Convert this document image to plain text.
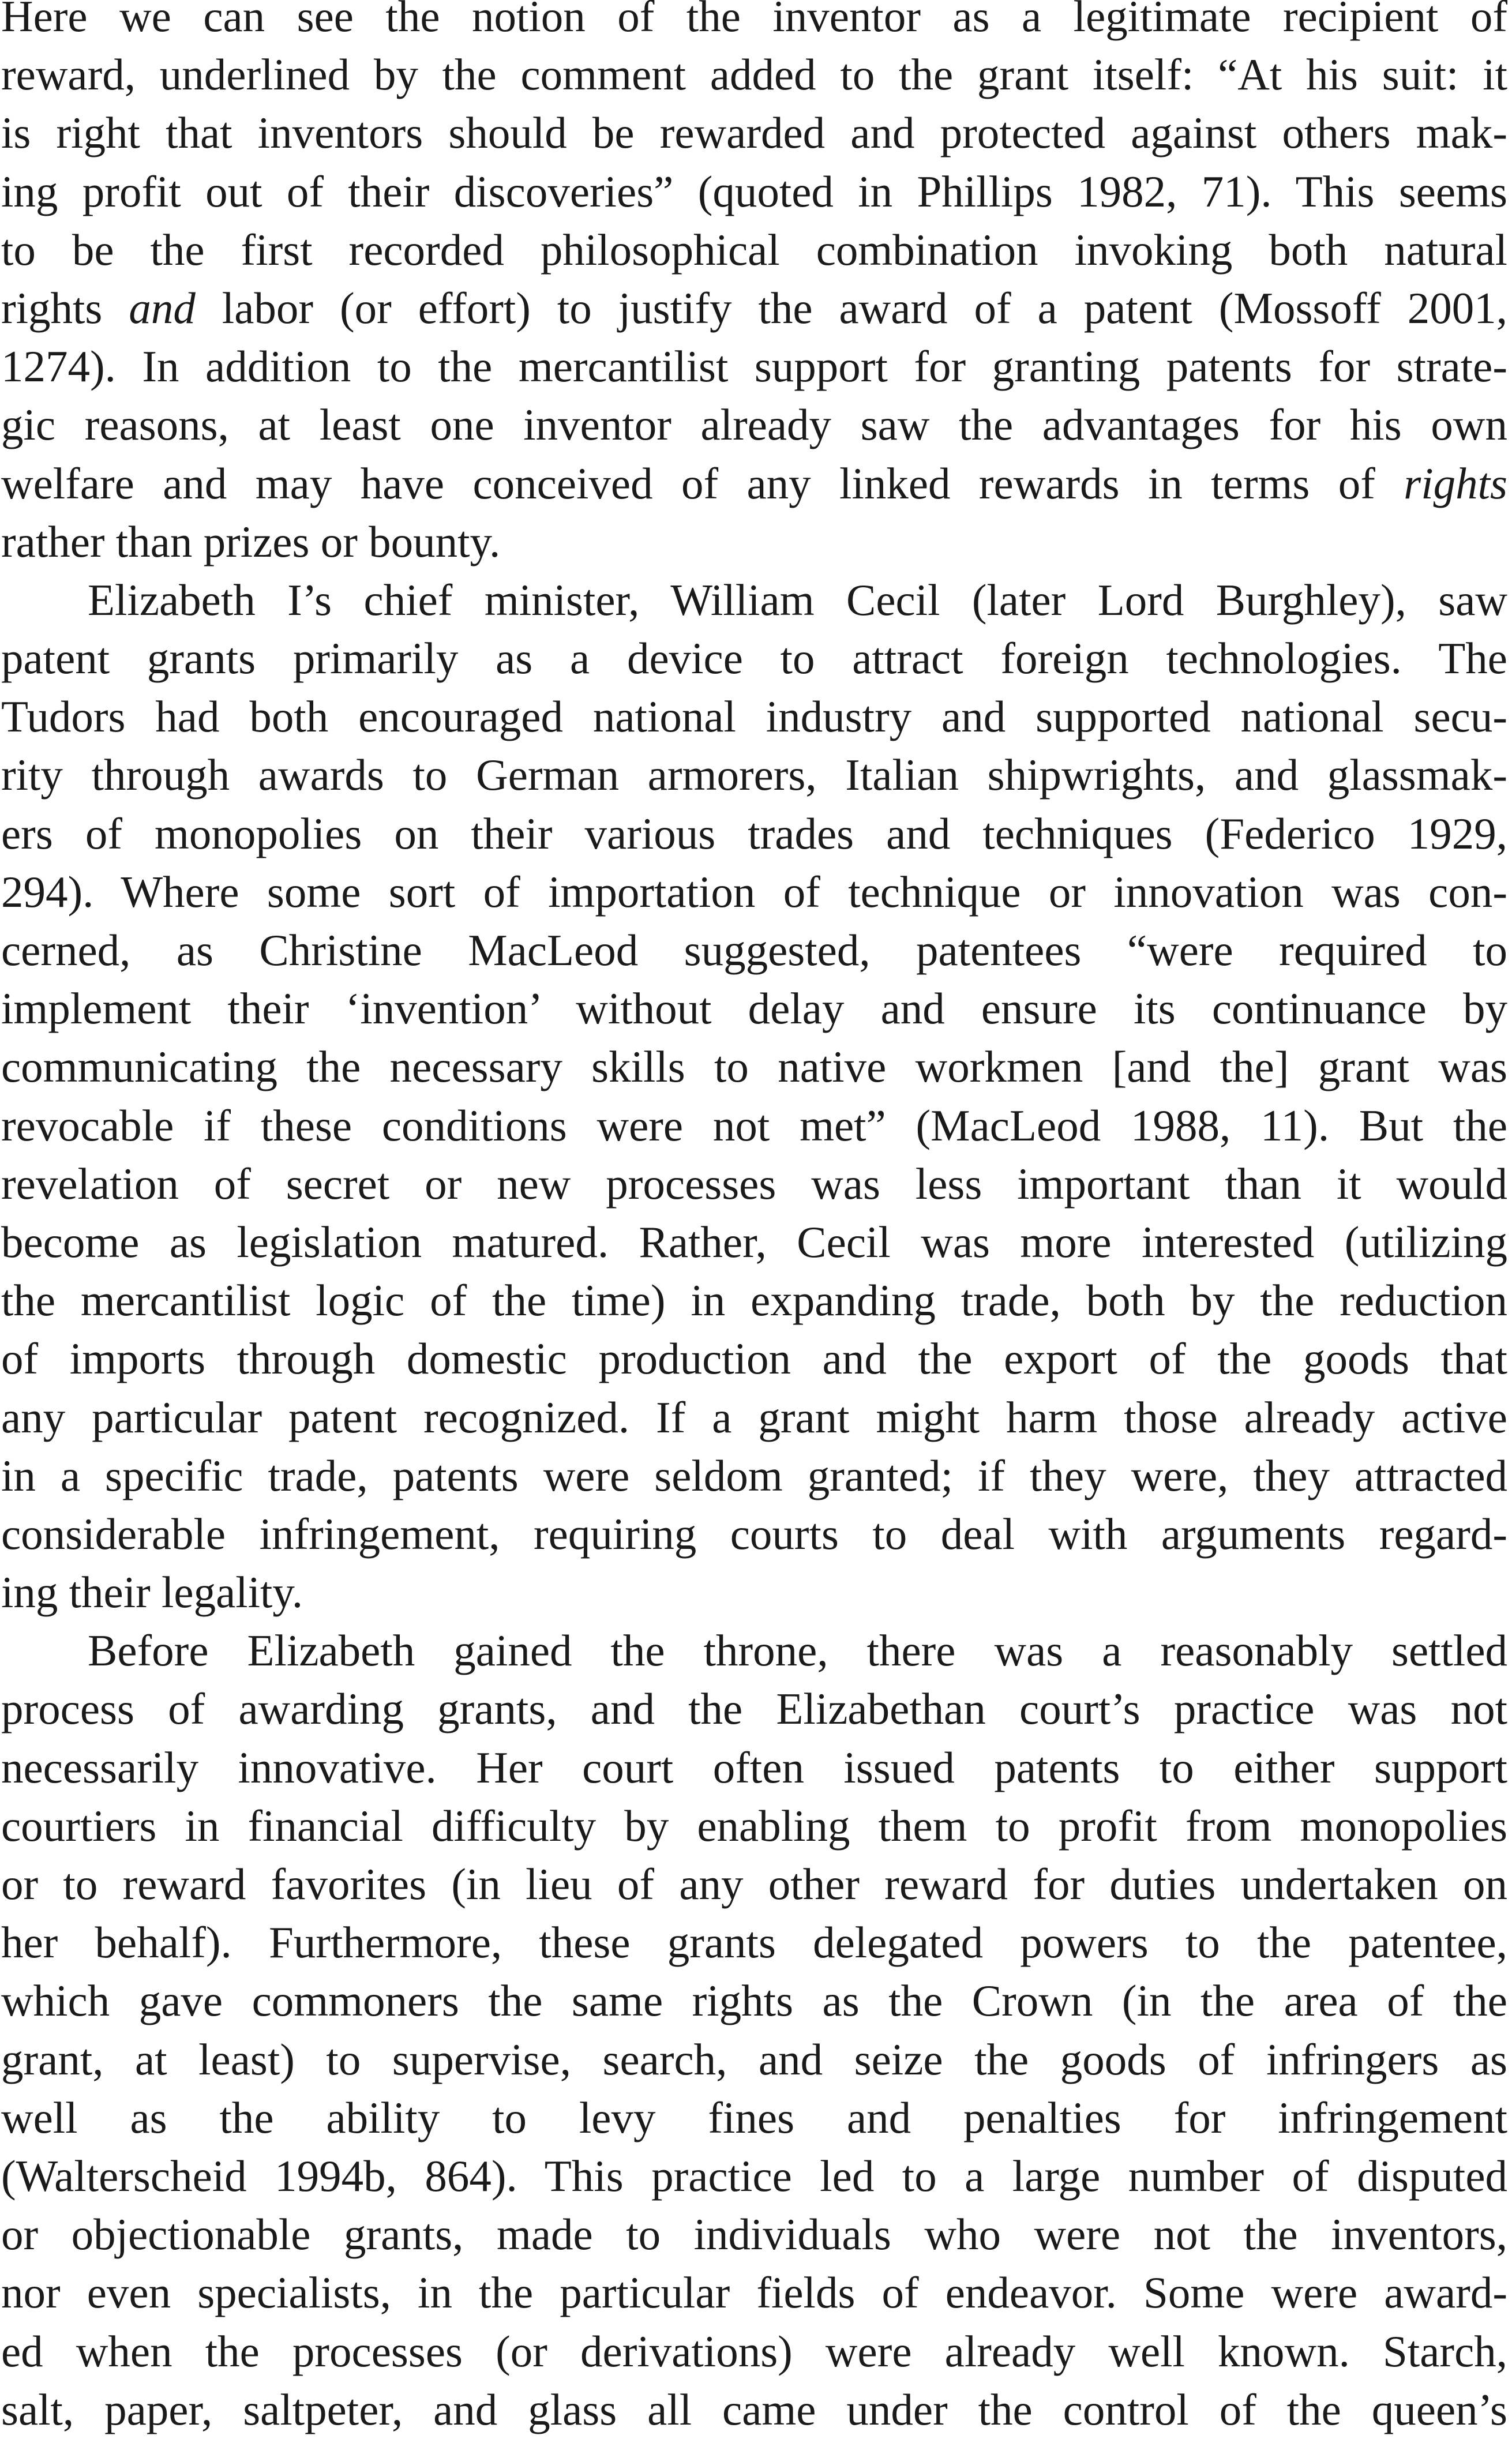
Here we can see the notion of the inventor as a legitimate recipient of
reward, underlined by the comment added to the grant itself: “At his suit: it
is right that inventors should be rewarded and protected against others mak-
ing profit out of their discoveries” (quoted in Phillips 1982, 71). This seems
to be the first recorded philosophical combination invoking both natural
rights and labor (or effort) to justify the award of a patent (Mossoff 2001,
1274). In addition to the mercantilist support for granting patents for strate-
gic reasons, at least one inventor already saw the advantages for his own
welfare and may have conceived of any linked rewards in terms of rights
rather than prizes or bounty.
Elizabeth I’s chief minister, William Cecil (later Lord Burghley), saw
patent grants primarily as a device to attract foreign technologies. The
Tudors had both encouraged national industry and supported national secu-
rity through awards to German armorers, Italian shipwrights, and glassmak-
ers of monopolies on their various trades and techniques (Federico 1929,
294). Where some sort of importation of technique or innovation was con-
cerned, as Christine MacLeod suggested, patentees “were required to
implement their ‘invention’ without delay and ensure its continuance by
communicating the necessary skills to native workmen [and the] grant was
revocable if these conditions were not met” (MacLeod 1988, 11). But the
revelation of secret or new processes was less important than it would
become as legislation matured. Rather, Cecil was more interested (utilizing
the mercantilist logic of the time) in expanding trade, both by the reduction
of imports through domestic production and the export of the goods that
any particular patent recognized. If a grant might harm those already active
in a specific trade, patents were seldom granted; if they were, they attracted
considerable infringement, requiring courts to deal with arguments regard-
ing their legality.
Before Elizabeth gained the throne, there was a reasonably settled
process of awarding grants, and the Elizabethan court’s practice was not
necessarily innovative. Her court often issued patents to either support
courtiers in financial difficulty by enabling them to profit from monopolies
or to reward favorites (in lieu of any other reward for duties undertaken on
her behalf). Furthermore, these grants delegated powers to the patentee,
which gave commoners the same rights as the Crown (in the area of the
grant, at least) to supervise, search, and seize the goods of infringers as
well as the ability to levy fines and penalties for infringement
(Walterscheid 1994b, 864). This practice led to a large number of disputed
or objectionable grants, made to individuals who were not the inventors,
nor even specialists, in the particular fields of endeavor. Some were award-
ed when the processes (or derivations) were already well known. Starch,
salt, paper, saltpeter, and glass all came under the control of the queen’s
